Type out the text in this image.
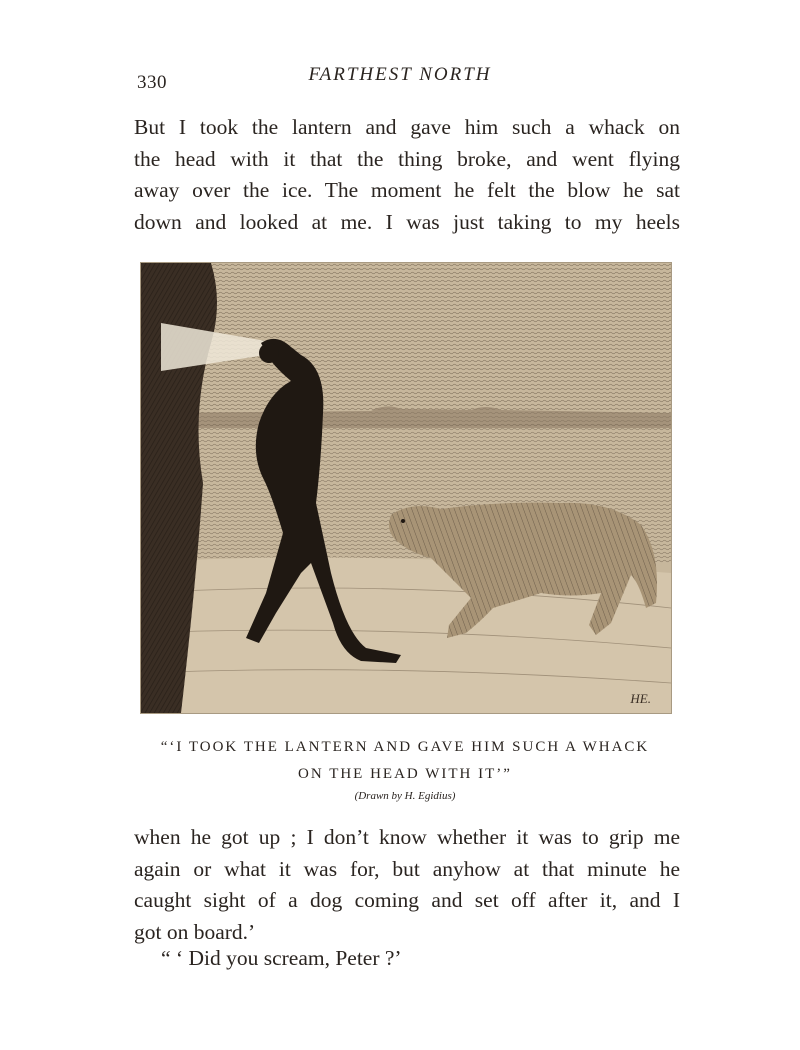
330	FARTHEST NORTH

But I took the lantern and gave him such a whack on
the head with it that the thing broke, and went flying
away over the ice. The moment he felt the blow he sat
down and looked at me. I was just taking to my heels

HE.
“‘I TOOK THE LANTERN AND GAVE HIM SUCH A WHACK
ON THE HEAD WITH IT’”
(Drawn by H. Egidius)

when he got up ; I don’t know whether it was to grip me
again or what it was for, but anyhow at that minute he
caught sight of a dog coming and set off after it, and I
got on board.’

“ ‘ Did you scream, Peter ?’
